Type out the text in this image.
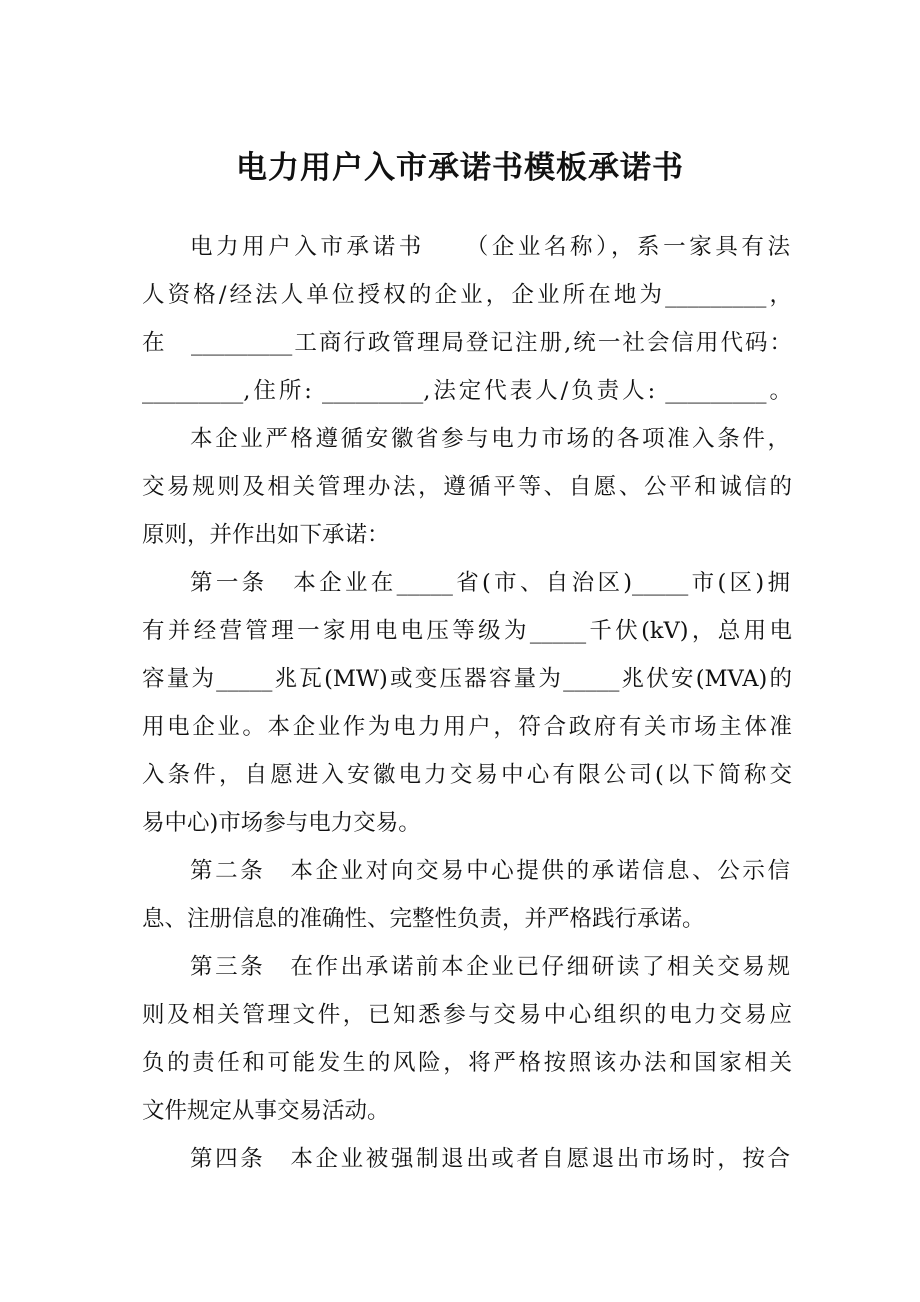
电力用户入市承诺书模板承诺书

电力用户入市承诺书　　（企业名称），系一家具有法

人资格/经法人单位授权的企业，企业所在地为_________，

在　_________工商行政管理局登记注册,统一社会信用代码：

_________,住所: _________,法定代表人/负责人: _________。

本企业严格遵循安徽省参与电力市场的各项准入条件，

交易规则及相关管理办法，遵循平等、自愿、公平和诚信的

原则，并作出如下承诺：

第一条　本企业在_____省(市、自治区)_____市(区)拥

有并经营管理一家用电电压等级为_____千伏(kV)，总用电

容量为_____兆瓦(MW)或变压器容量为_____兆伏安(MVA)的

用电企业。本企业作为电力用户，符合政府有关市场主体准

入条件，自愿进入安徽电力交易中心有限公司(以下简称交

易中心)市场参与电力交易。

第二条　本企业对向交易中心提供的承诺信息、公示信

息、注册信息的准确性、完整性负责，并严格践行承诺。

第三条　在作出承诺前本企业已仔细研读了相关交易规

则及相关管理文件，已知悉参与交易中心组织的电力交易应

负的责任和可能发生的风险，将严格按照该办法和国家相关

文件规定从事交易活动。

第四条　本企业被强制退出或者自愿退出市场时，按合
